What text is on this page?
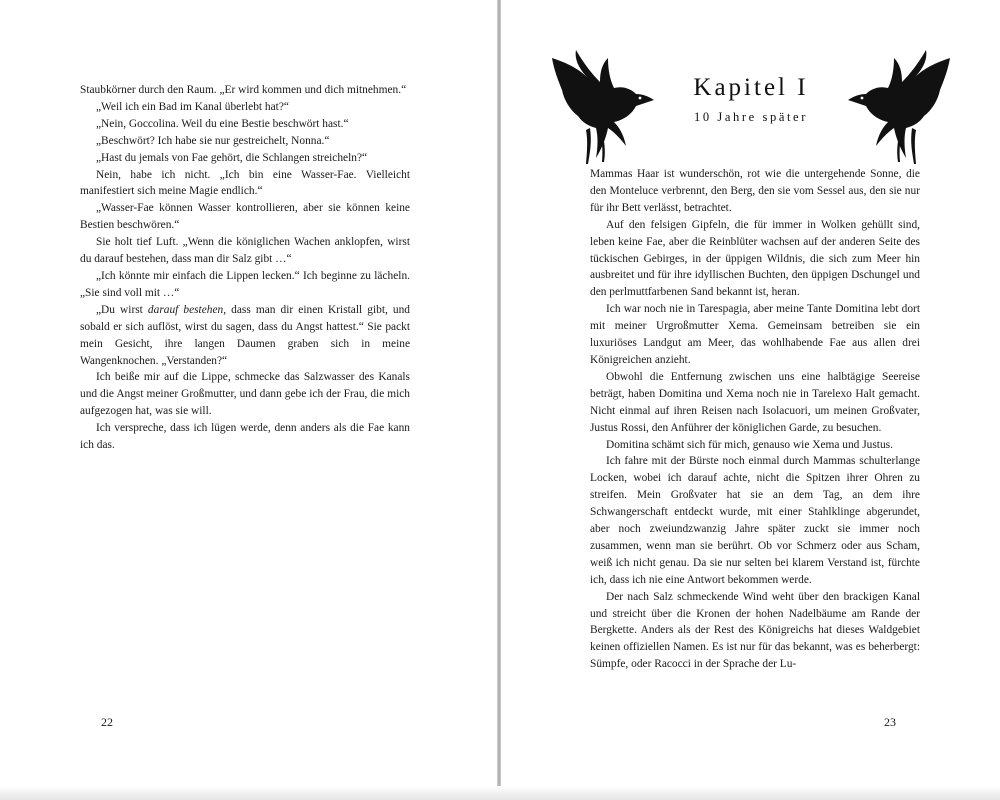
Staubkörner durch den Raum. „Er wird kommen und dich mitnehmen.“

„Weil ich ein Bad im Kanal überlebt hat?“

„Nein, Goccolina. Weil du eine Bestie beschwört hast.“

„Beschwört? Ich habe sie nur gestreichelt, Nonna.“

„Hast du jemals von Fae gehört, die Schlangen streicheln?“

Nein, habe ich nicht. „Ich bin eine Wasser-Fae. Vielleicht manifestiert sich meine Magie endlich.“

„Wasser-Fae können Wasser kontrollieren, aber sie können keine Bestien beschwören.“

Sie holt tief Luft. „Wenn die königlichen Wachen anklopfen, wirst du darauf bestehen, dass man dir Salz gibt …“

„Ich könnte mir einfach die Lippen lecken.“ Ich beginne zu lächeln. „Sie sind voll mit …“

„Du wirst darauf bestehen, dass man dir einen Kristall gibt, und sobald er sich auflöst, wirst du sagen, dass du Angst hattest.“ Sie packt mein Gesicht, ihre langen Daumen graben sich in meine Wangenknochen. „Verstanden?“

Ich beiße mir auf die Lippe, schmecke das Salzwasser des Kanals und die Angst meiner Großmutter, und dann gebe ich der Frau, die mich aufgezogen hat, was sie will.

Ich verspreche, dass ich lügen werde, denn anders als die Fae kann ich das.

22
Kapitel I
10 Jahre später

Mammas Haar ist wunderschön, rot wie die untergehende Sonne, die den Monteluce verbrennt, den Berg, den sie vom Sessel aus, den sie nur für ihr Bett verlässt, betrachtet.

Auf den felsigen Gipfeln, die für immer in Wolken gehüllt sind, leben keine Fae, aber die Reinblüter wachsen auf der anderen Seite des tückischen Gebirges, in der üppigen Wildnis, die sich zum Meer hin ausbreitet und für ihre idyllischen Buchten, den üppigen Dschungel und den perlmuttfarbenen Sand bekannt ist, heran.

Ich war noch nie in Tarespagia, aber meine Tante Domitina lebt dort mit meiner Urgroßmutter Xema. Gemeinsam betreiben sie ein luxuriöses Landgut am Meer, das wohlhabende Fae aus allen drei Königreichen anzieht.

Obwohl die Entfernung zwischen uns eine halbtägige Seereise beträgt, haben Domitina und Xema noch nie in Tarelexo Halt gemacht. Nicht einmal auf ihren Reisen nach Isolacuori, um meinen Großvater, Justus Rossi, den Anführer der königlichen Garde, zu besuchen.

Domitina schämt sich für mich, genauso wie Xema und Justus.

Ich fahre mit der Bürste noch einmal durch Mammas schulterlange Locken, wobei ich darauf achte, nicht die Spitzen ihrer Ohren zu streifen. Mein Großvater hat sie an dem Tag, an dem ihre Schwangerschaft entdeckt wurde, mit einer Stahlklinge abgerundet, aber noch zweiundzwanzig Jahre später zuckt sie immer noch zusammen, wenn man sie berührt. Ob vor Schmerz oder aus Scham, weiß ich nicht genau. Da sie nur selten bei klarem Verstand ist, fürchte ich, dass ich nie eine Antwort bekommen werde.

Der nach Salz schmeckende Wind weht über den brackigen Kanal und streicht über die Kronen der hohen Nadelbäume am Rande der Bergkette. Anders als der Rest des Königreichs hat dieses Waldgebiet keinen offiziellen Namen. Es ist nur für das bekannt, was es beherbergt: Sümpfe, oder Racocci in der Sprache der Lu-

23
